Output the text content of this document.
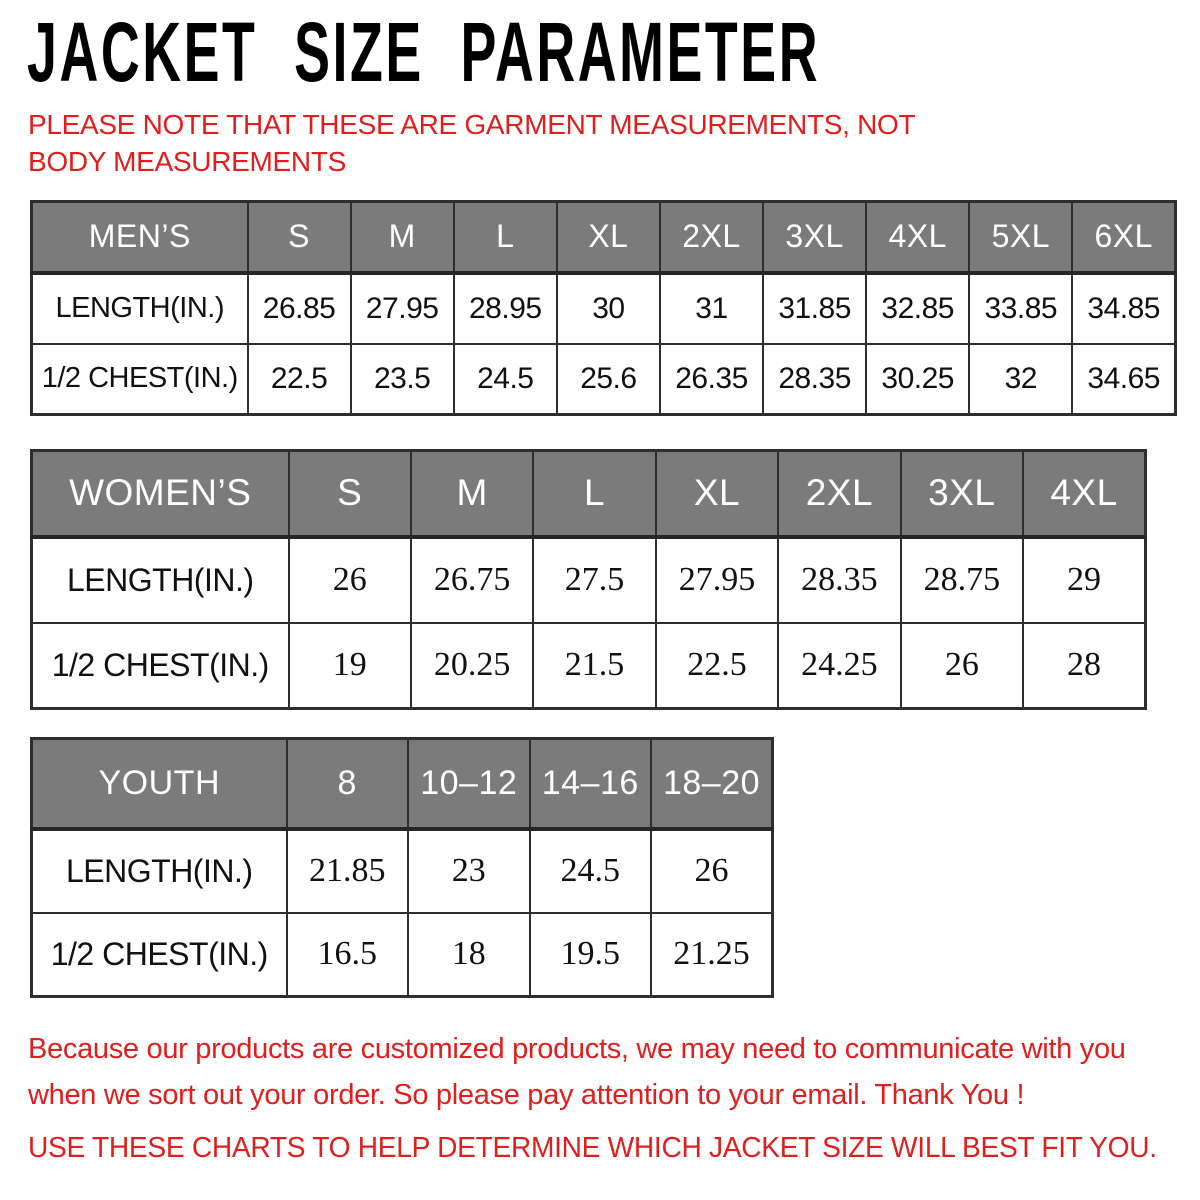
JACKET SIZE PARAMETER
PLEASE NOTE THAT THESE ARE GARMENT MEASUREMENTS, NOT BODY MEASUREMENTS
MEN’S	S	M	L	XL	2XL	3XL	4XL	5XL	6XL
LENGTH(IN.)	26.85	27.95	28.95	30	31	31.85	32.85	33.85	34.85
1/2 CHEST(IN.)	22.5	23.5	24.5	25.6	26.35	28.35	30.25	32	34.65
WOMEN’S	S	M	L	XL	2XL	3XL	4XL
LENGTH(IN.)	26	26.75	27.5	27.95	28.35	28.75	29
1/2 CHEST(IN.)	19	20.25	21.5	22.5	24.25	26	28
YOUTH	8	10–12	14–16	18–20
LENGTH(IN.)	21.85	23	24.5	26
1/2 CHEST(IN.)	16.5	18	19.5	21.25
Because our products are customized products, we may need to communicate with you
when we sort out your order. So please pay attention to your email. Thank You !
USE THESE CHARTS TO HELP DETERMINE WHICH JACKET SIZE WILL BEST FIT YOU.
